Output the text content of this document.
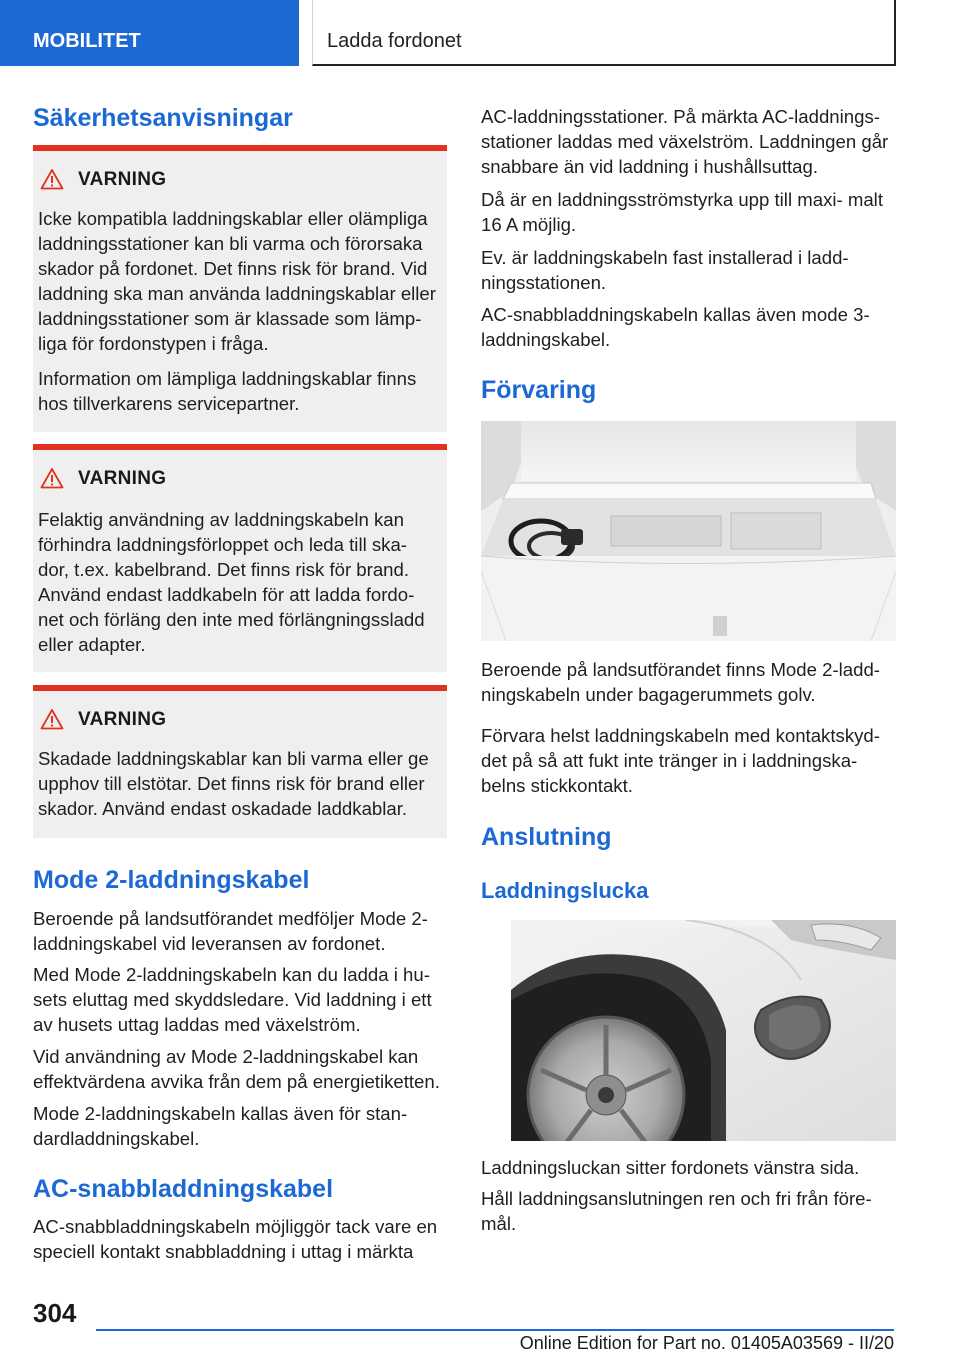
MOBILITET	Ladda fordonet
Säkerhetsanvisningar
VARNING

Icke kompatibla laddningskablar eller olämpliga laddningsstationer kan bli varma och förorsaka skador på fordonet. Det finns risk för brand. Vid laddning ska man använda laddningskablar eller laddningsstationer som är klassade som lämp- liga för fordonstypen i fråga.

Information om lämpliga laddningskablar finns hos tillverkarens servicepartner.

VARNING

Felaktig användning av laddningskabeln kan förhindra laddningsförloppet och leda till ska- dor, t.ex. kabelbrand. Det finns risk för brand. Använd endast laddkabeln för att ladda fordo- net och förläng den inte med förlängningssladd eller adapter.

VARNING

Skadade laddningskablar kan bli varma eller ge upphov till elstötar. Det finns risk för brand eller skador. Använd endast oskadade laddkablar.

Mode 2-laddningskabel

Beroende på landsutförandet medföljer Mode 2- laddningskabel vid leveransen av fordonet.

Med Mode 2-laddningskabeln kan du ladda i hu- sets eluttag med skyddsledare. Vid laddning i ett av husets uttag laddas med växelström.

Vid användning av Mode 2-laddningskabel kan effektvärdena avvika från dem på energietiketten.

Mode 2-laddningskabeln kallas även för stan- dardladdningskabel.

AC-snabbladdningskabel

AC-snabbladdningskabeln möjliggör tack vare en speciell kontakt snabbladdning i uttag i märkta

AC-laddningsstationer. På märkta AC-laddnings- stationer laddas med växelström. Laddningen går snabbare än vid laddning i hushållsuttag.

Då är en laddningsströmstyrka upp till maxi- malt 16 A möjlig.

Ev. är laddningskabeln fast installerad i ladd- ningsstationen.

AC-snabbladdningskabeln kallas även mode 3- laddningskabel.

Förvaring

Beroende på landsutförandet finns Mode 2-ladd- ningskabeln under bagagerummets golv.

Förvara helst laddningskabeln med kontaktskyd- det på så att fukt inte tränger in i laddningska- belns stickkontakt.

Anslutning
Laddningslucka

Laddningsluckan sitter fordonets vänstra sida.

Håll laddningsanslutningen ren och fri från före- mål.

304
Online Edition for Part no. 01405A03569 - II/20
